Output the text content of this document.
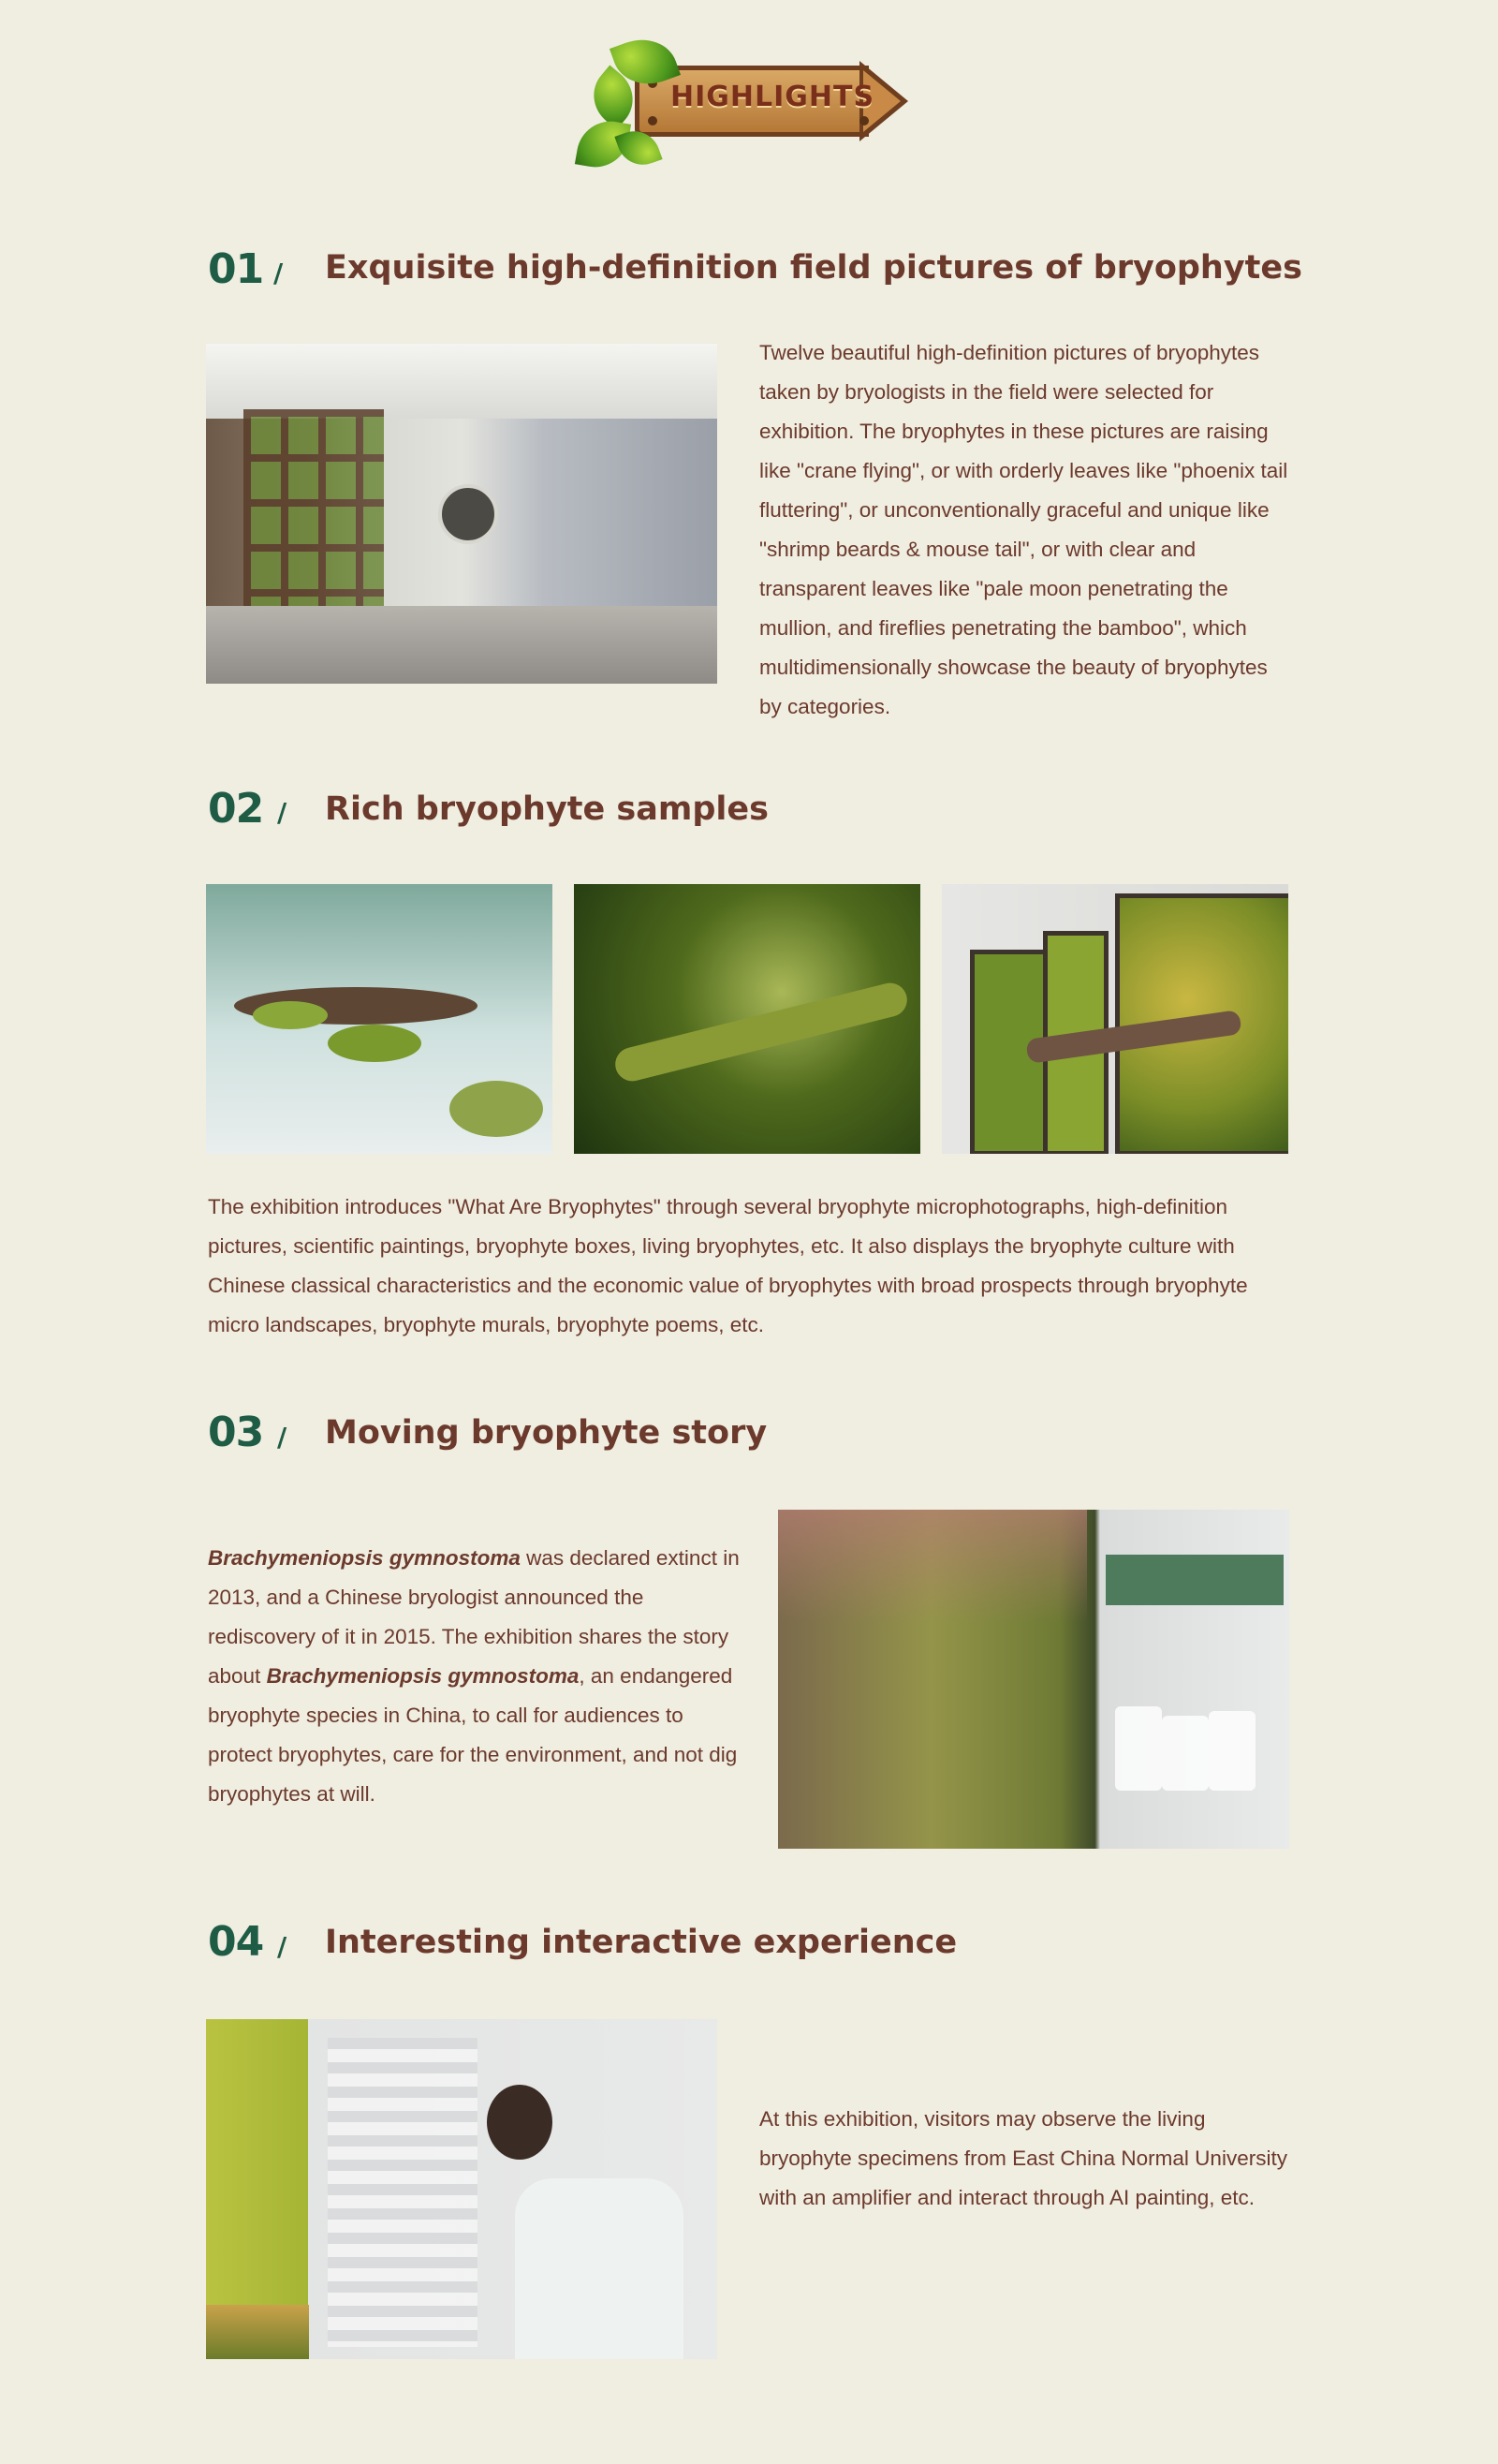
HIGHLIGHTS
01 / Exquisite high-definition field pictures of bryophytes
Twelve beautiful high-definition pictures of bryophytes taken by bryologists in the field were selected for exhibition. The bryophytes in these pictures are raising like "crane flying", or with orderly leaves like "phoenix tail fluttering", or unconventionally graceful and unique like "shrimp beards & mouse tail", or with clear and transparent leaves like "pale moon penetrating the mullion, and fireflies penetrating the bamboo", which multidimensionally showcase the beauty of bryophytes by categories.
02 / Rich bryophyte samples
The exhibition introduces "What Are Bryophytes" through several bryophyte microphotographs, high-definition pictures, scientific paintings, bryophyte boxes, living bryophytes, etc. It also displays the bryophyte culture with Chinese classical characteristics and the economic value of bryophytes with broad prospects through bryophyte micro landscapes, bryophyte murals, bryophyte poems, etc.
03 / Moving bryophyte story
Brachymeniopsis gymnostoma was declared extinct in 2013, and a Chinese bryologist announced the rediscovery of it in 2015. The exhibition shares the story about Brachymeniopsis gymnostoma, an endangered bryophyte species in China, to call for audiences to protect bryophytes, care for the environment, and not dig bryophytes at will.
04 / Interesting interactive experience
At this exhibition, visitors may observe the living bryophyte specimens from East China Normal University with an amplifier and interact through AI painting, etc.
